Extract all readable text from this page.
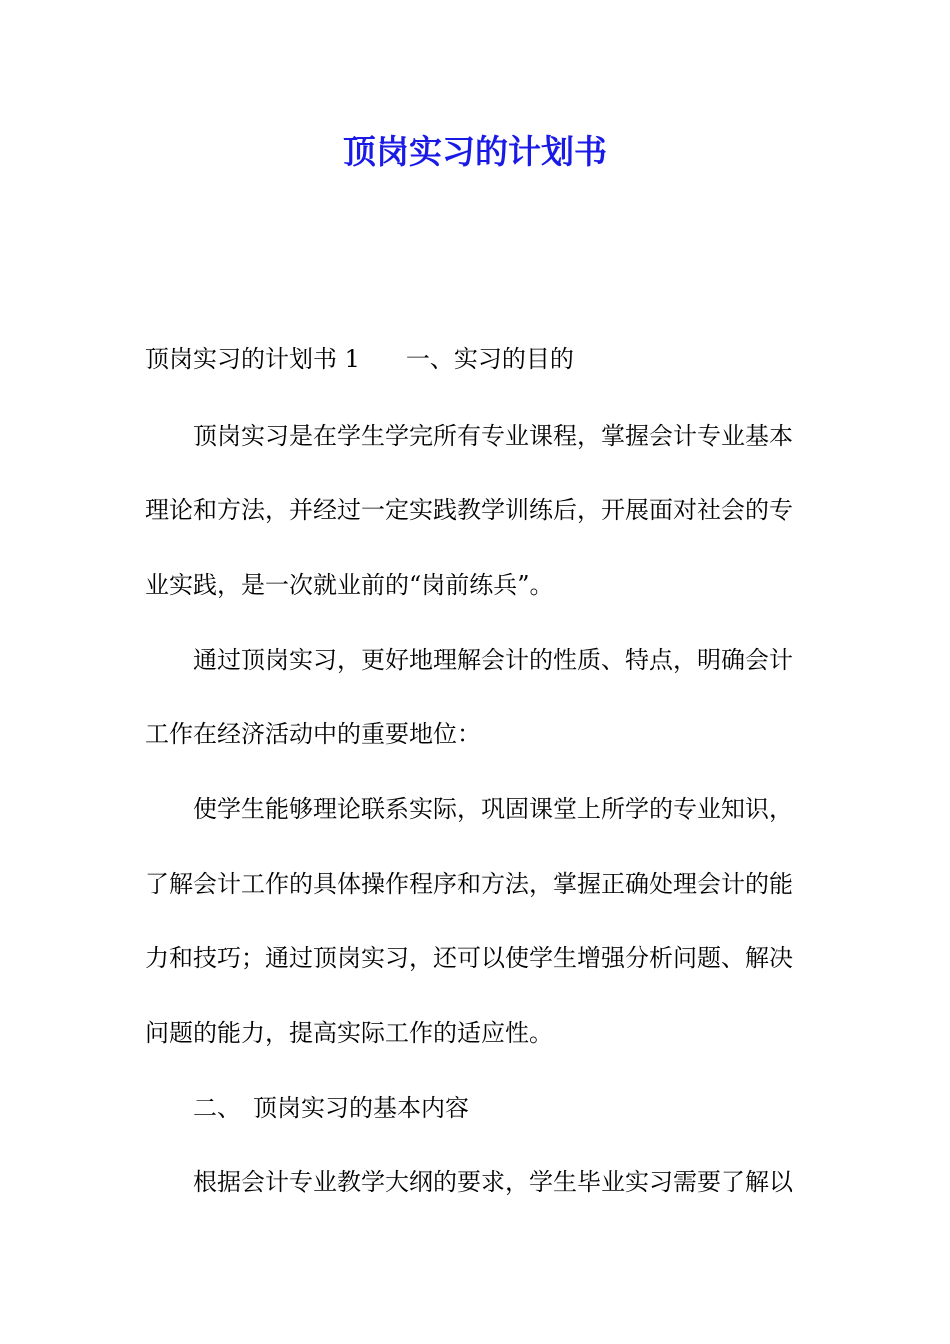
顶岗实习的计划书
顶岗实习的计划书 1 一、实习的目的
顶岗实习是在学生学完所有专业课程，掌握会计专业基本
理论和方法，并经过一定实践教学训练后，开展面对社会的专
业实践，是一次就业前的“岗前练兵”。
通过顶岗实习，更好地理解会计的性质、特点，明确会计
工作在经济活动中的重要地位：
使学生能够理论联系实际，巩固课堂上所学的专业知识，
了解会计工作的具体操作程序和方法，掌握正确处理会计的能
力和技巧；通过顶岗实习，还可以使学生增强分析问题、解决
问题的能力，提高实际工作的适应性。
二、 顶岗实习的基本内容
根据会计专业教学大纲的要求，学生毕业实习需要了解以
